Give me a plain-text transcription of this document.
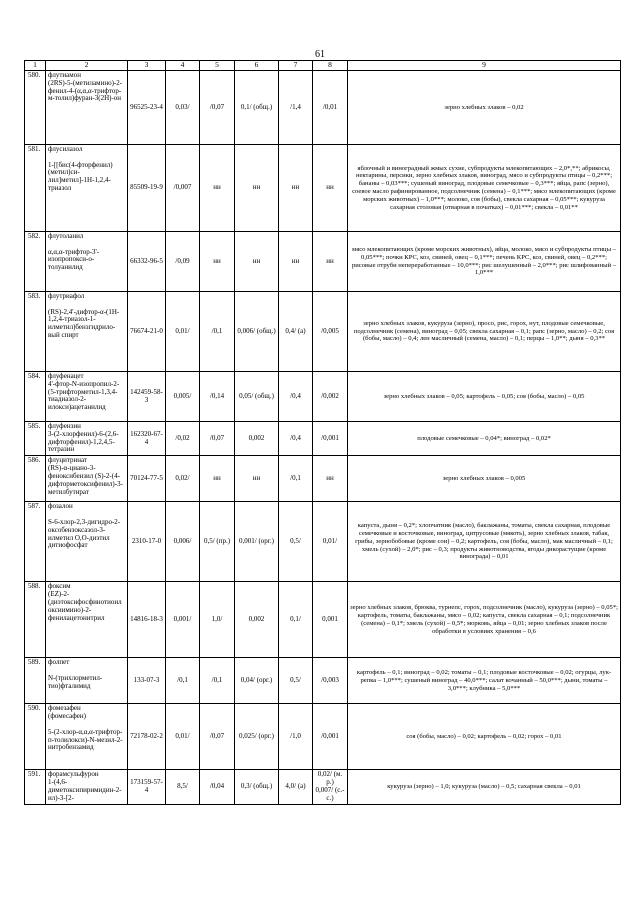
61
1	2	3	4	5	6	7	8	9
580.	флутиамон
(2RS)-5-(метиламино)-2-фенил-4-(α,α,α-трифтор-м-толил)фуран-3(2H)-он	96525-23-4	0,03/	/0,07	0,1/ (общ.)	/1,4	/0,01	зерно хлебных злаков – 0,02
581.	флусилазол

1-[[бис(4-фторфенил)(метил)си-лил]метил]-1H-1,2,4-триазол	85509-19-9	/0,007	нн	нн	нн	нн	яблочный и виноградный жмых сухие, субпродукты млекопитающих – 2,0*,**; абрикосы, нектарины, персики, зерно хлебных злаков, виноград, мясо и субпродукты птицы – 0,2***; бананы – 0,03***; сушеный виноград, плодовые семечковые – 0,3***; яйца, рапс (зерно), соевое масло рафинированное, подсолнечник (семена) – 0,1***; мясо млекопитающих (кроме морских животных) – 1,0***; молоко, соя (бобы), свекла сахарная – 0,05***; кукуруза сахарная столовая (отварная в початках) – 0,01***; свекла – 0,01**
582.	флутоланил

α,α,α-трифтор-3'-изопропокси-о-толуанилид	66332-96-5	/0,09	нн	нн	нн	нн	мясо млекопитающих (кроме морских животных), яйца, молоко, мясо и субпродукты птицы – 0,05***; почки КРС, коз, свиней, овец – 0,1***; печень КРС, коз, свиней, овец – 0,2***; рисовые отруби непереработанные – 10,0***; рис шелушенный – 2,0***; рис шлифованный – 1,0***
583.	флутриафол

(RS)-2,4'-дифтор-α-(1H-1,2,4-триазол-1-илметил)бензгидрило-вый спирт	76674-21-0	0,01/	/0,1	0,006/ (общ.)	0,4/ (а)	/0,005	зерно хлебных злаков, кукуруза (зерно), просо, рис, горох, нут, плодовые семечковые, подсолнечник (семена), виноград – 0,05; свекла сахарная – 0,1; рапс (зерно, масло) – 0,2; соя (бобы, масло) – 0,4; лен масличный (семена, масло) – 0,1; перцы – 1,0**; дыня – 0,3**
584.	флуфенацет
4'-фтор-N-изопропил-2-(5-трифторметил-1,3,4-тиадиазол-2-илокси)ацетанилид	142459-58-3	0,005/	/0,14	0,05/ (общ.)	/0,4	/0,002	зерно хлебных злаков – 0,05; картофель – 0,05; соя (бобы, масло) – 0,05
585.	флуфензин
3-(2-хлорфенил)-6-(2,6-дифторфенил)-1,2,4,5-тетразин	162320-67-4	/0,02	/0,07	0,002	/0,4	/0,001	плодовые семечковые – 0,04*; виноград – 0,02*
586.	флуцитринат
(RS)-α-циано-3-феноксибензил (S)-2-(4-дифторметоксифенил)-3-метилбутират	70124-77-5	0,02/	нн	нн	/0,1	нн	зерно хлебных злаков – 0,005
587.	фозалон

S-6-хлор-2,3-дигидро-2-оксобензоксазол-3-илметил O,O-диэтил дитиофосфат	2310-17-0	0,006/	0,5/ (пр.)	0,001/ (орг.)	0,5/	0,01/	капуста, дыня – 0,2*; хлопчатник (масло), баклажаны, томаты, свекла сахарная, плодовые семечковые и косточковые, виноград, цитрусовые (мякоть), зерно хлебных злаков, табак, грибы, зернобобовые (кроме сои) – 0,2; картофель, соя (бобы, масло), мак масличный – 0,1; хмель (сухой) – 2,0*; рис – 0,3; продукты животноводства, ягоды дикорастущие (кроме винограда) – 0,01
588.	фоксим
(EZ)-2-(диэтоксифосфинотиоилоксиимино)-2-фенилацетонитрил	14816-18-3	0,001/	1,0/	0,002	0,1/	0,001	зерно хлебных злаков, брюква, турнепс, горох, подсолнечник (масло), кукуруза (зерно) – 0,05*; картофель, томаты, баклажаны, мясо – 0,02; капуста, свекла сахарная – 0,1; подсолнечник (семена) – 0,1*; хмель (сухой) – 0,5*; морковь, яйца – 0,01; зерно хлебных злаков после обработки в условиях хранения – 0,6
589.	фолпет

N-(трихлорметил-тио)фталимид	133-07-3	/0,1	/0,1	0,04/ (орг.)	0,5/	/0,003	картофель – 0,1; виноград – 0,02; томаты – 0,1; плодовые косточковые – 0,02; огурцы, лук-репка – 1,0***; сушеный виноград – 40,0***; салат кочанный – 50,0***; дыни, томаты – 3,0***; клубника – 5,0***
590.	фомезафен
(фомесафен)

5-(2-хлор-α,α,α-трифтор-п-толилокси)-N-мезил-2-нитробензамид	72178-02-2	0,01/	/0,07	0,025/ (орг.)	/1,0	/0,001	соя (бобы, масло) – 0,02; картофель – 0,02; горох – 0,01
591.	форамсульфурон
1-(4,6-диметоксипиримидин-2-ил)-3-[2-	173159-57-4	8,5/	/0,04	0,3/ (общ.)	4,0/ (а)	0,02/ (м. р.)
0,007/ (с.-с.)	кукуруза (зерно) – 1,0; кукуруза (масло) – 0,5; сахарная свекла – 0,01
